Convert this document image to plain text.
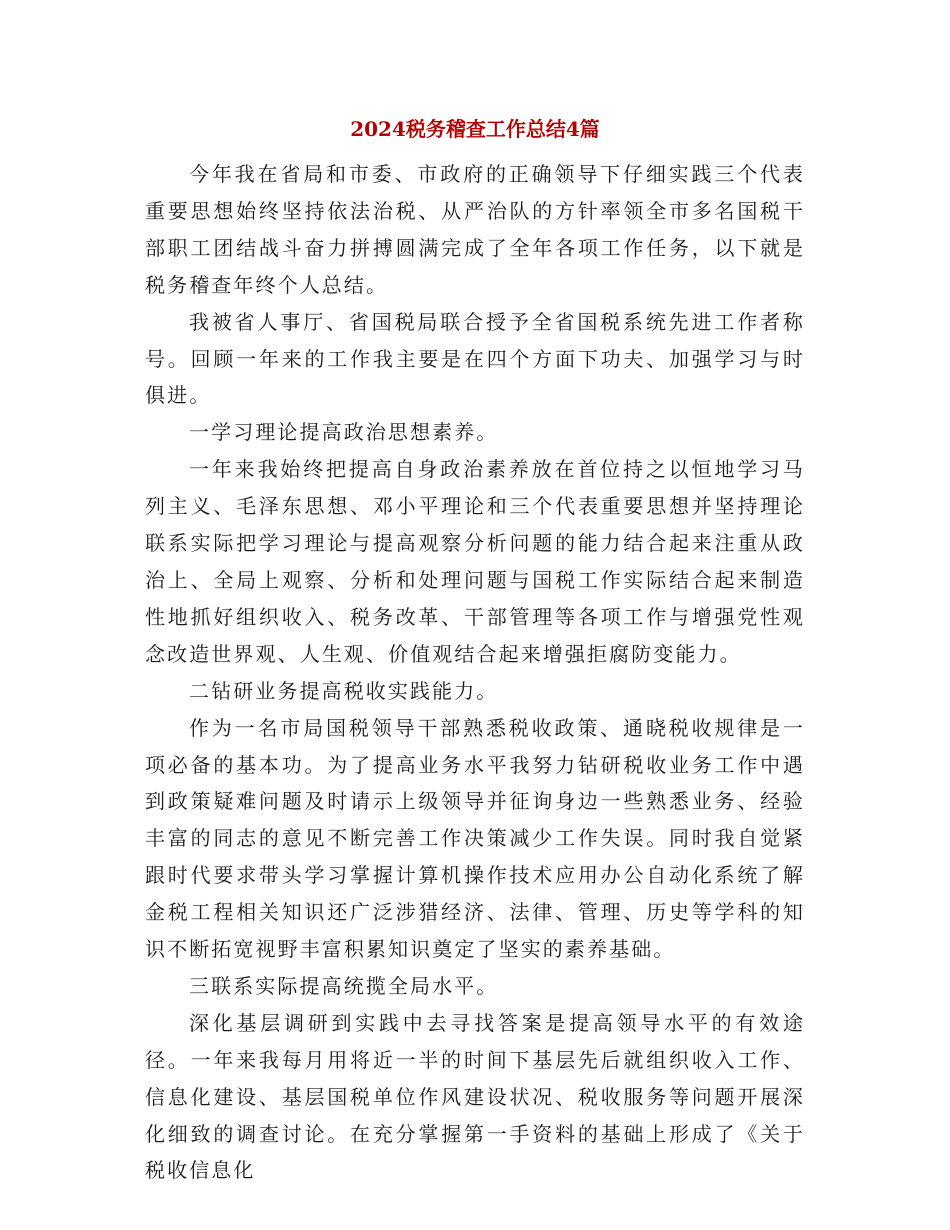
2024税务稽查工作总结4篇

今年我在省局和市委、市政府的正确领导下仔细实践三个代表重要思想始终坚持依法治税、从严治队的方针率领全市多名国税干部职工团结战斗奋力拼搏圆满完成了全年各项工作任务，以下就是税务稽查年终个人总结。

我被省人事厅、省国税局联合授予全省国税系统先进工作者称号。回顾一年来的工作我主要是在四个方面下功夫、加强学习与时俱进。

一学习理论提高政治思想素养。

一年来我始终把提高自身政治素养放在首位持之以恒地学习马列主义、毛泽东思想、邓小平理论和三个代表重要思想并坚持理论联系实际把学习理论与提高观察分析问题的能力结合起来注重从政治上、全局上观察、分析和处理问题与国税工作实际结合起来制造性地抓好组织收入、税务改革、干部管理等各项工作与增强党性观念改造世界观、人生观、价值观结合起来增强拒腐防变能力。

二钻研业务提高税收实践能力。

作为一名市局国税领导干部熟悉税收政策、通晓税收规律是一项必备的基本功。为了提高业务水平我努力钻研税收业务工作中遇到政策疑难问题及时请示上级领导并征询身边一些熟悉业务、经验丰富的同志的意见不断完善工作决策减少工作失误。同时我自觉紧跟时代要求带头学习掌握计算机操作技术应用办公自动化系统了解金税工程相关知识还广泛涉猎经济、法律、管理、历史等学科的知识不断拓宽视野丰富积累知识奠定了坚实的素养基础。

三联系实际提高统揽全局水平。

深化基层调研到实践中去寻找答案是提高领导水平的有效途径。一年来我每月用将近一半的时间下基层先后就组织收入工作、信息化建设、基层国税单位作风建设状况、税收服务等问题开展深化细致的调查讨论。在充分掌握第一手资料的基础上形成了《关于税收信息化
